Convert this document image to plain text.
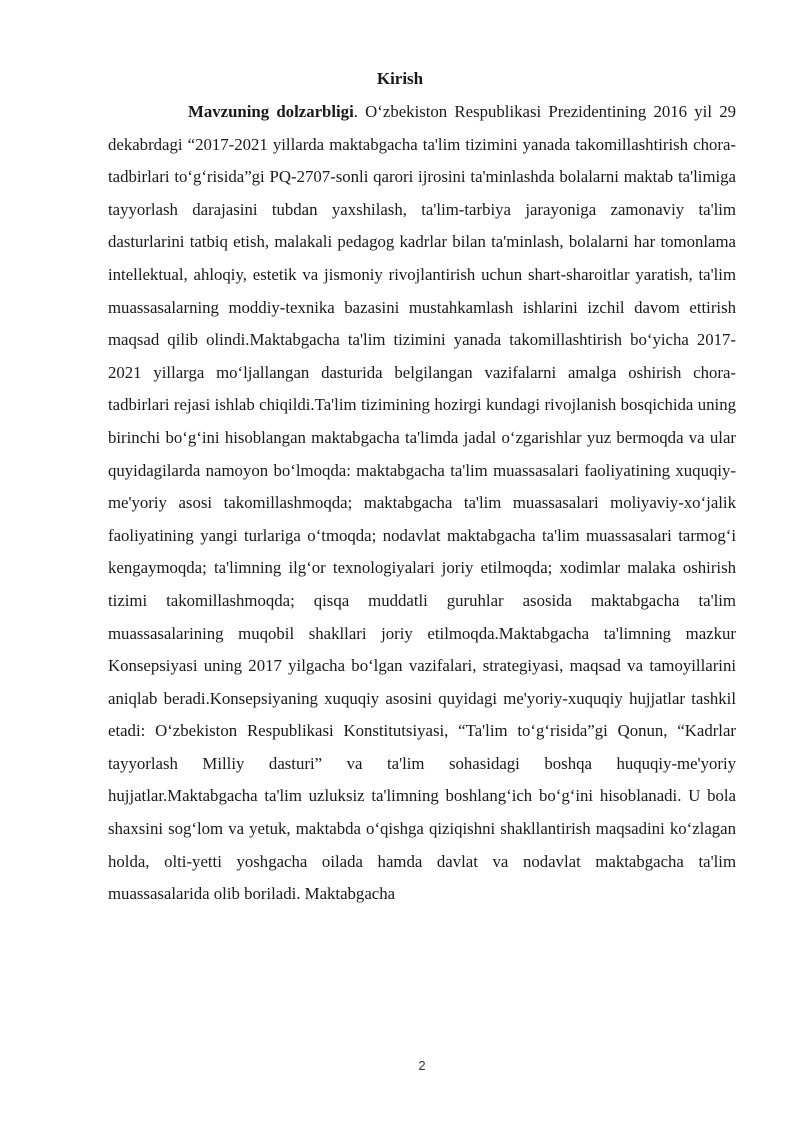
Kirish

Mavzuning dolzarbligi. O‘zbekiston Respublikasi Prezidentining 2016 yil 29 dekabrdagi “2017-2021 yillarda maktabgacha ta'lim tizimini yanada takomillashtirish chora-tadbirlari to‘g‘risida”gi PQ-2707-sonli qarori ijrosini ta'minlashda bolalarni maktab ta'limiga tayyorlash darajasini tubdan yaxshilash, ta'lim-tarbiya jarayoniga zamonaviy ta'lim dasturlarini tatbiq etish, malakali pedagog kadrlar bilan ta'minlash, bolalarni har tomonlama intellektual, ahloqiy, estetik va jismoniy rivojlantirish uchun shart-sharoitlar yaratish, ta'lim muassasalarning moddiy-texnika bazasini mustahkamlash ishlarini izchil davom ettirish maqsad qilib olindi.Maktabgacha ta'lim tizimini yanada takomillashtirish bo‘yicha 2017-2021 yillarga mo‘ljallangan dasturida belgilangan vazifalarni amalga oshirish chora-tadbirlari rejasi ishlab chiqildi.Ta'lim tizimining hozirgi kundagi rivojlanish bosqichida uning birinchi bo‘g‘ini hisoblangan maktabgacha ta'limda jadal o‘zgarishlar yuz bermoqda va ular quyidagilarda namoyon bo‘lmoqda: maktabgacha ta'lim muassasalari faoliyatining xuquqiy-me'yoriy asosi takomillashmoqda; maktabgacha ta'lim muassasalari moliyaviy-xo‘jalik faoliyatining yangi turlariga o‘tmoqda; nodavlat maktabgacha ta'lim muassasalari tarmog‘i kengaymoqda; ta'limning ilg‘or texnologiyalari joriy etilmoqda; xodimlar malaka oshirish tizimi takomillashmoqda; qisqa muddatli guruhlar asosida maktabgacha ta'lim muassasalarining muqobil shakllari joriy etilmoqda.Maktabgacha ta'limning mazkur Konsepsiyasi uning 2017 yilgacha bo‘lgan vazifalari, strategiyasi, maqsad va tamoyillarini aniqlab beradi.Konsepsiyaning xuquqiy asosini quyidagi me'yoriy-xuquqiy hujjatlar tashkil etadi: O‘zbekiston Respublikasi Konstitutsiyasi, “Ta'lim to‘g‘risida”gi Qonun, “Kadrlar tayyorlash Milliy dasturi” va ta'lim sohasidagi boshqa huquqiy-me'yoriy hujjatlar.Maktabgacha ta'lim uzluksiz ta'limning boshlang‘ich bo‘g‘ini hisoblanadi. U bola shaxsini sog‘lom va yetuk, maktabda o‘qishga qiziqishni shakllantirish maqsadini ko‘zlagan holda, olti-yetti yoshgacha oilada hamda davlat va nodavlat maktabgacha ta'lim muassasalarida olib boriladi. Maktabgacha

2
